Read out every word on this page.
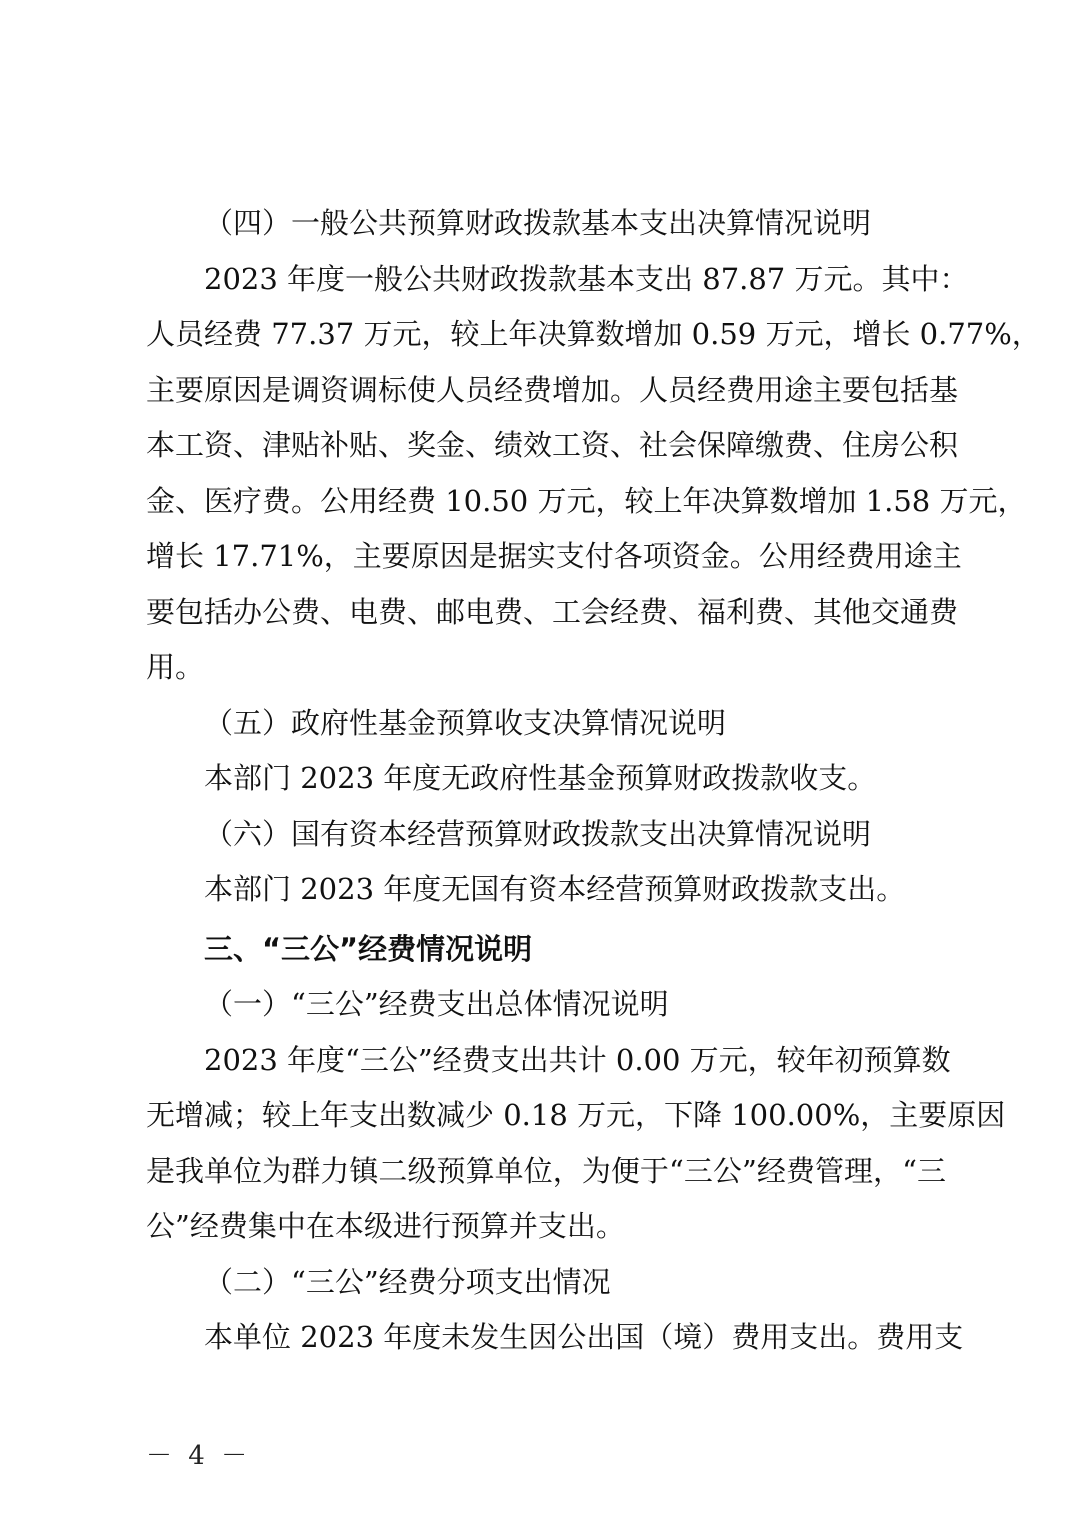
（四）一般公共预算财政拨款基本支出决算情况说明
2023 年度一般公共财政拨款基本支出 87.87 万元。其中：
人员经费 77.37 万元，较上年决算数增加 0.59 万元，增长 0.77%，
主要原因是调资调标使人员经费增加。人员经费用途主要包括基
本工资、津贴补贴、奖金、绩效工资、社会保障缴费、住房公积
金、医疗费。公用经费 10.50 万元，较上年决算数增加 1.58 万元，
增长 17.71%，主要原因是据实支付各项资金。公用经费用途主
要包括办公费、电费、邮电费、工会经费、福利费、其他交通费
用。
（五）政府性基金预算收支决算情况说明
本部门 2023 年度无政府性基金预算财政拨款收支。
（六）国有资本经营预算财政拨款支出决算情况说明
本部门 2023 年度无国有资本经营预算财政拨款支出。
三、“三公”经费情况说明
（一）“三公”经费支出总体情况说明
2023 年度“三公”经费支出共计 0.00 万元，较年初预算数
无增减；较上年支出数减少 0.18 万元，下降 100.00%，主要原因
是我单位为群力镇二级预算单位，为便于“三公”经费管理，“三
公”经费集中在本级进行预算并支出。
（二）“三公”经费分项支出情况
本单位 2023 年度未发生因公出国（境）费用支出。费用支
－ 4 －
